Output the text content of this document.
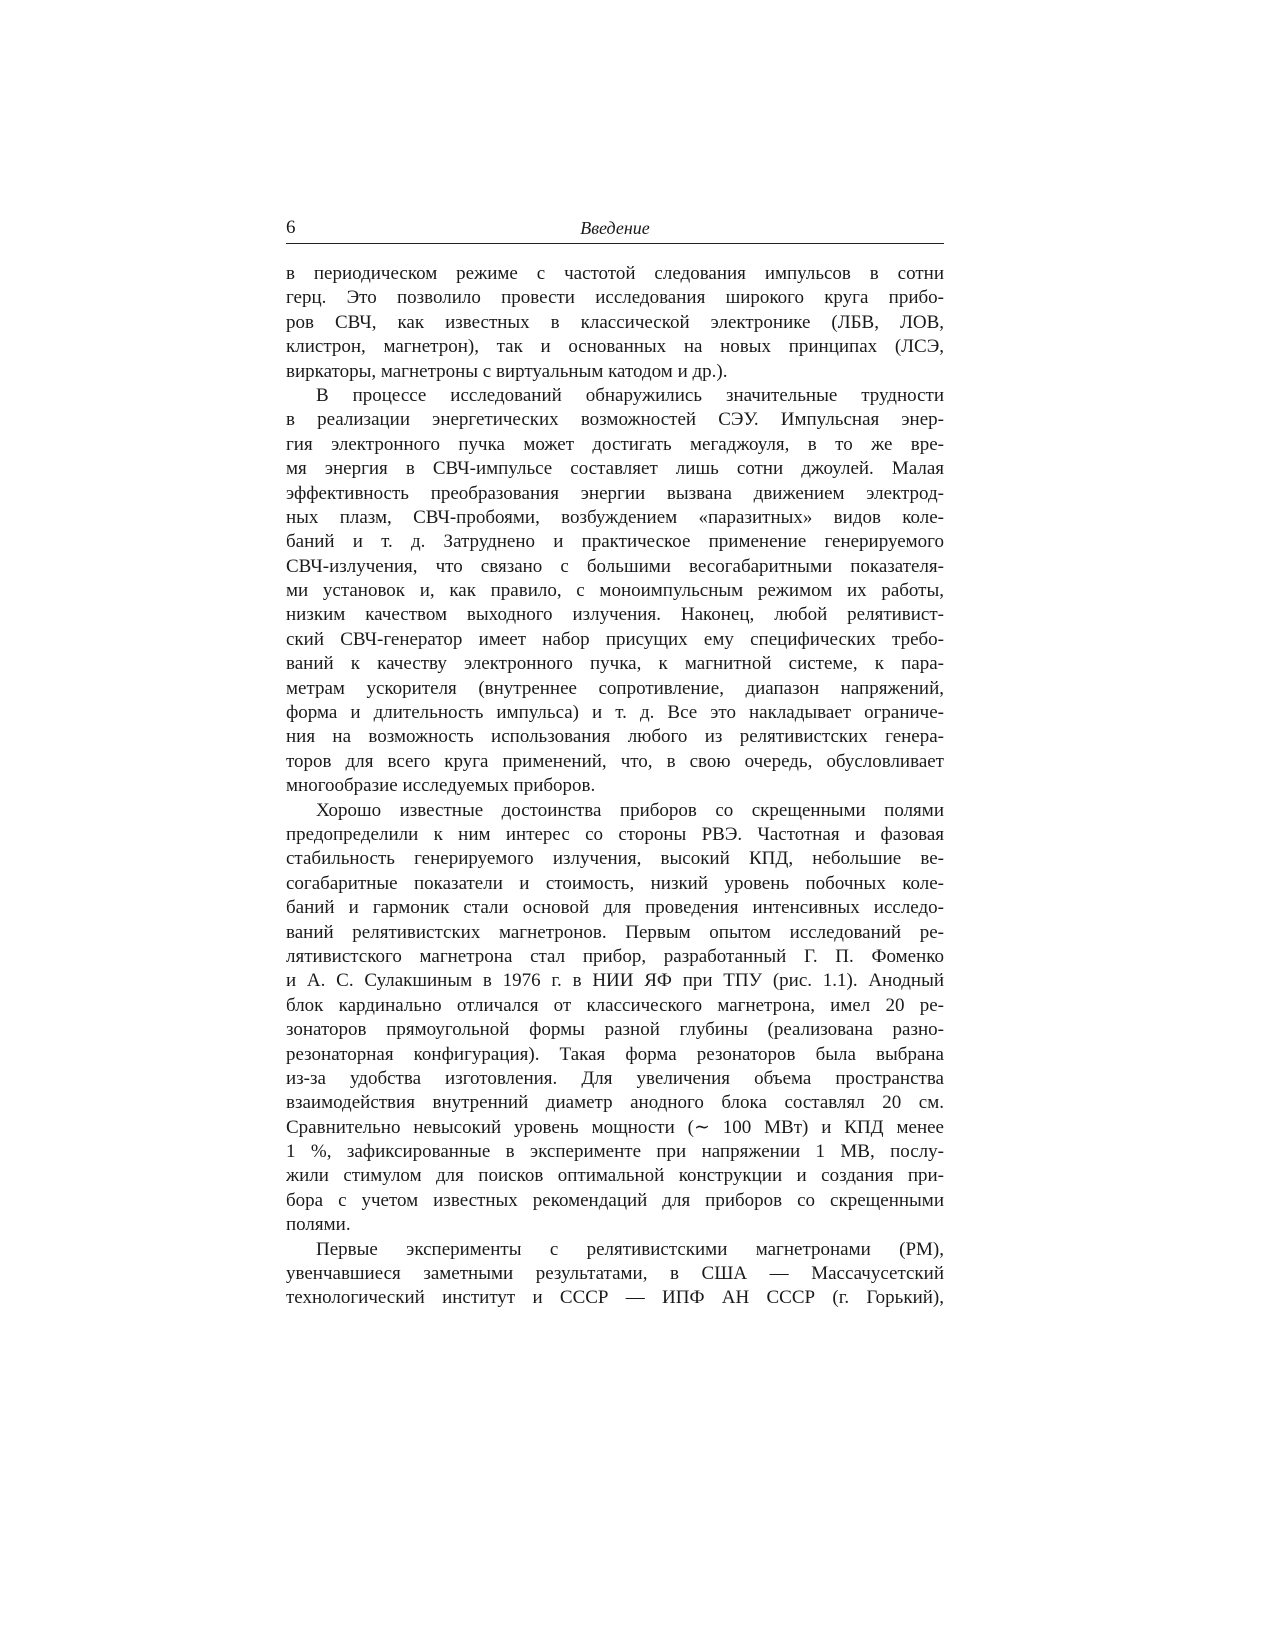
6	Введение
в периодическом режиме с частотой следования импульсов в сотни
герц. Это позволило провести исследования широкого круга прибо-
ров СВЧ, как известных в классической электронике (ЛБВ, ЛОВ,
клистрон, магнетрон), так и основанных на новых принципах (ЛСЭ,
виркаторы, магнетроны с виртуальным катодом и др.).
В процессе исследований обнаружились значительные трудности
в реализации энергетических возможностей СЭУ. Импульсная энер-
гия электронного пучка может достигать мегаджоуля, в то же вре-
мя энергия в СВЧ-импульсе составляет лишь сотни джоулей. Малая
эффективность преобразования энергии вызвана движением электрод-
ных плазм, СВЧ-пробоями, возбуждением «паразитных» видов коле-
баний и т. д. Затруднено и практическое применение генерируемого
СВЧ-излучения, что связано с большими весогабаритными показателя-
ми установок и, как правило, с моноимпульсным режимом их работы,
низким качеством выходного излучения. Наконец, любой релятивист-
ский СВЧ-генератор имеет набор присущих ему специфических требо-
ваний к качеству электронного пучка, к магнитной системе, к пара-
метрам ускорителя (внутреннее сопротивление, диапазон напряжений,
форма и длительность импульса) и т. д. Все это накладывает ограниче-
ния на возможность использования любого из релятивистских генера-
торов для всего круга применений, что, в свою очередь, обусловливает
многообразие исследуемых приборов.
Хорошо известные достоинства приборов со скрещенными полями
предопределили к ним интерес со стороны РВЭ. Частотная и фазовая
стабильность генерируемого излучения, высокий КПД, небольшие ве-
согабаритные показатели и стоимость, низкий уровень побочных коле-
баний и гармоник стали основой для проведения интенсивных исследо-
ваний релятивистских магнетронов. Первым опытом исследований ре-
лятивистского магнетрона стал прибор, разработанный Г. П. Фоменко
и А. С. Сулакшиным в 1976 г. в НИИ ЯФ при ТПУ (рис. 1.1). Анодный
блок кардинально отличался от классического магнетрона, имел 20 ре-
зонаторов прямоугольной формы разной глубины (реализована разно-
резонаторная конфигурация). Такая форма резонаторов была выбрана
из-за удобства изготовления. Для увеличения объема пространства
взаимодействия внутренний диаметр анодного блока составлял 20 см.
Сравнительно невысокий уровень мощности (∼ 100 МВт) и КПД менее
1 %, зафиксированные в эксперименте при напряжении 1 МВ, послу-
жили стимулом для поисков оптимальной конструкции и создания при-
бора с учетом известных рекомендаций для приборов со скрещенными
полями.
Первые эксперименты с релятивистскими магнетронами (РМ),
увенчавшиеся заметными результатами, в США — Массачусетский
технологический институт и СССР — ИПФ АН СССР (г. Горький),
